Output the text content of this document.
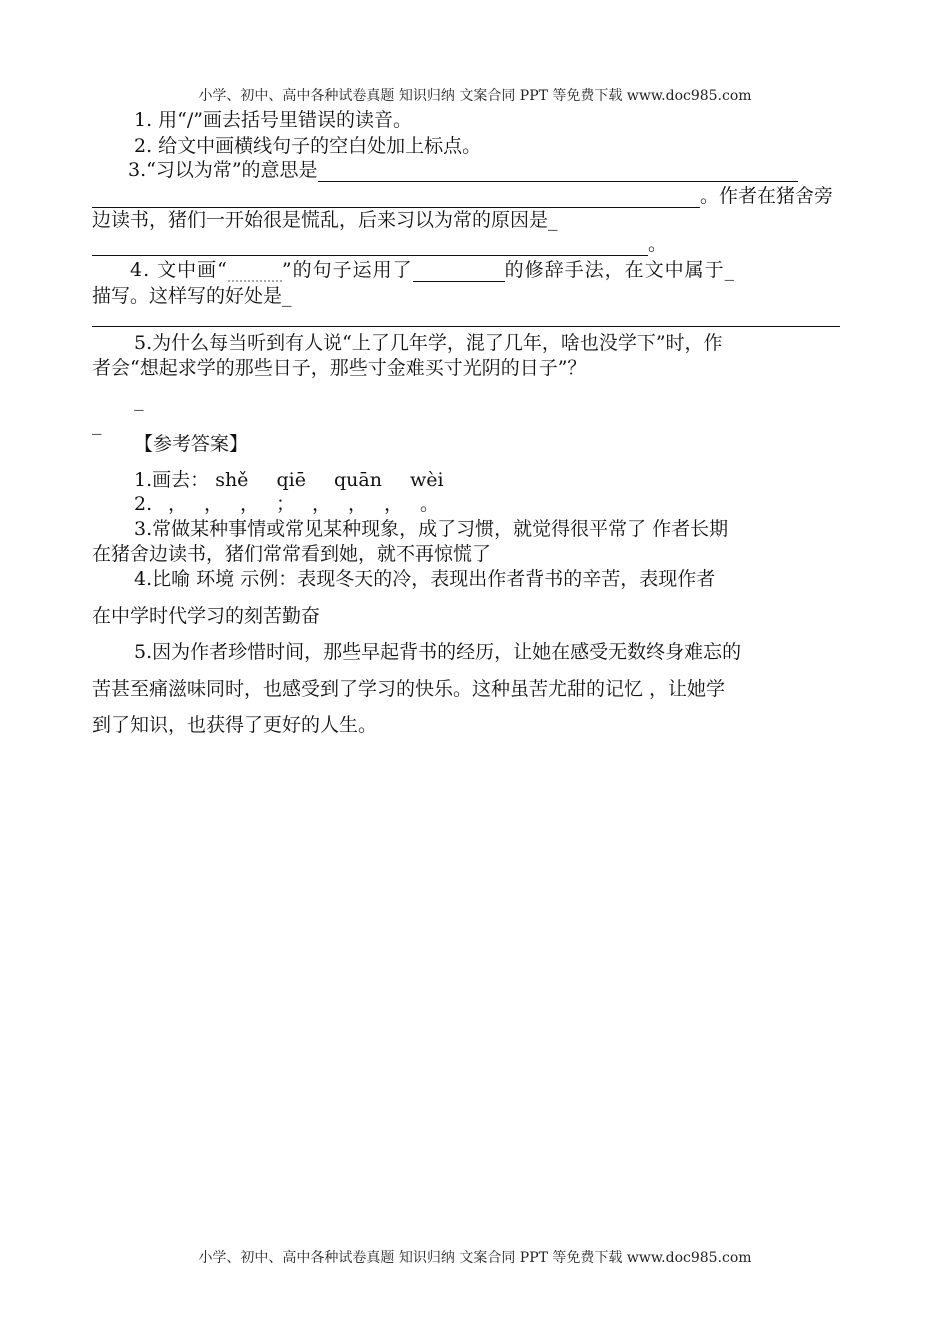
小学、初中、高中各种试卷真题 知识归纳 文案合同 PPT 等免费下载 www.doc985.com
1. 用“/”画去括号里错误的读音。
2. 给文中画横线句子的空白处加上标点。
3.“习以为常”的意思是
。作者在猪舍旁
边读书，猪们一开始很是慌乱，后来习以为常的原因是_
。
4. 文中画“	”的句子运用了	的修辞手法，在文中属于_
描写。这样写的好处是_
5.为什么每当听到有人说“上了几年学，混了几年，啥也没学下”时，作
者会“想起求学的那些日子，那些寸金难买寸光阴的日子”？
_
_
【参考答案】
1.画去： shě qiē quān wèi
2. ， ， ， ； ， ， ， 。
3.常做某种事情或常见某种现象，成了习惯，就觉得很平常了 作者长期
在猪舍边读书，猪们常常看到她，就不再惊慌了
4.比喻 环境 示例：表现冬天的冷，表现出作者背书的辛苦，表现作者
在中学时代学习的刻苦勤奋
5.因为作者珍惜时间，那些早起背书的经历，让她在感受无数终身难忘的
苦甚至痛滋味同时，也感受到了学习的快乐。这种虽苦尤甜的记忆 ，让她学
到了知识，也获得了更好的人生。
小学、初中、高中各种试卷真题 知识归纳 文案合同 PPT 等免费下载 www.doc985.com
